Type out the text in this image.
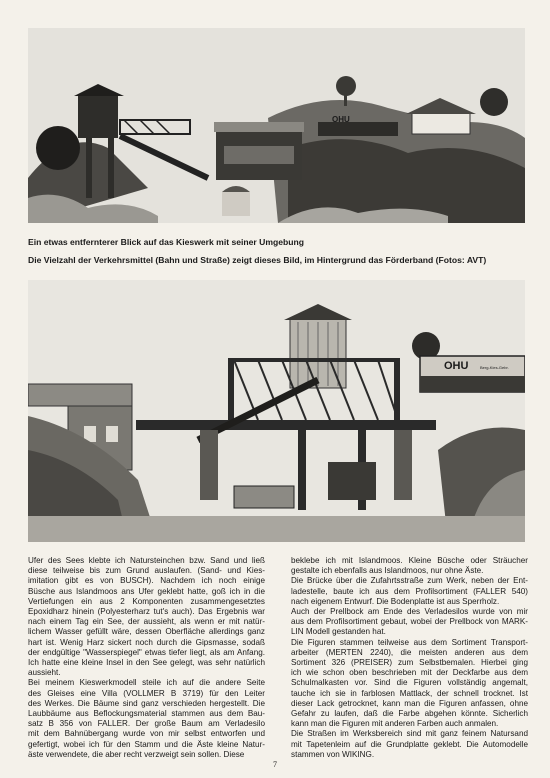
OHU
Ein etwas entfernterer Blick auf das Kieswerk mit seiner Umgebung
Die Vielzahl der Verkehrsmittel (Bahn und Straße) zeigt dieses Bild, im Hintergrund das Förderband (Fotos: AVT)
OHU	Berg-Kies-Gebr.
Ufer des Sees klebte ich Natursteinchen bzw. Sand und ließ
diese teilweise bis zum Grund auslaufen. (Sand- und Kies-
imitation gibt es von BUSCH). Nachdem ich noch einige
Büsche aus Islandmoos ans Ufer geklebt hatte, goß ich in die
Vertiefungen ein aus 2 Komponenten zusammengesetztes
Epoxidharz hinein (Polyesterharz tut's auch). Das Ergebnis war
nach einem Tag ein See, der aussieht, als wenn er mit natür-
lichem Wasser gefüllt wäre, dessen Oberfläche allerdings ganz
hart ist. Wenig Harz sickert noch durch die Gipsmasse, sodaß
der endgültige "Wasserspiegel" etwas tiefer liegt, als am Anfang.
Ich hatte eine kleine Insel in den See gelegt, was sehr natürlich
aussieht.
Bei meinem Kieswerkmodell steile ich auf die andere Seite
des Gleises eine Villa (VOLLMER B 3719) für den Leiter
des Werkes. Die Bäume sind ganz verschieden hergestellt. Die
Laubbäume aus Beflockungsmaterial stammen aus dem Bau-
satz B 356 von FALLER. Der große Baum am Verladesilo
mit dem Bahnübergang wurde von mir selbst entworfen und
gefertigt, wobei ich für den Stamm und die Äste kleine Natur-
äste verwendete, die aber recht verzweigt sein sollen. Diese
beklebe ich mit Islandmoos. Kleine Büsche oder Sträucher
gestalte ich ebenfalls aus Islandmoos, nur ohne Äste.
Die Brücke über die Zufahrtsstraße zum Werk, neben der Ent-
ladestelle, baute ich aus dem Profilsortiment (FALLER 540)
nach eigenem Entwurf. Die Bodenplatte ist aus Sperrholz.
Auch der Prellbock am Ende des Verladesilos wurde von mir
aus dem Profilsortiment gebaut, wobei der Prellbock von MARK-
LIN Modell gestanden hat.
Die Figuren stammen teilweise aus dem Sortiment Transport-
arbeiter (MERTEN 2240), die meisten anderen aus dem
Sortiment 326 (PREISER) zum Selbstbemalen. Hierbei ging
ich wie schon oben beschrieben mit der Deckfarbe aus dem
Schulmalkasten vor. Sind die Figuren vollständig angemalt,
tauche ich sie in farblosen Mattlack, der schnell trocknet. Ist
dieser Lack getrocknet, kann man die Figuren anfassen, ohne
Gefahr zu laufen, daß die Farbe abgehen könnte. Sicherlich
kann man die Figuren mit anderen Farben auch anmalen.
Die Straßen im Werksbereich sind mit ganz feinem Natursand
mit Tapetenleim auf die Grundplatte geklebt. Die Automodelle
stammen von WIKING.
7
